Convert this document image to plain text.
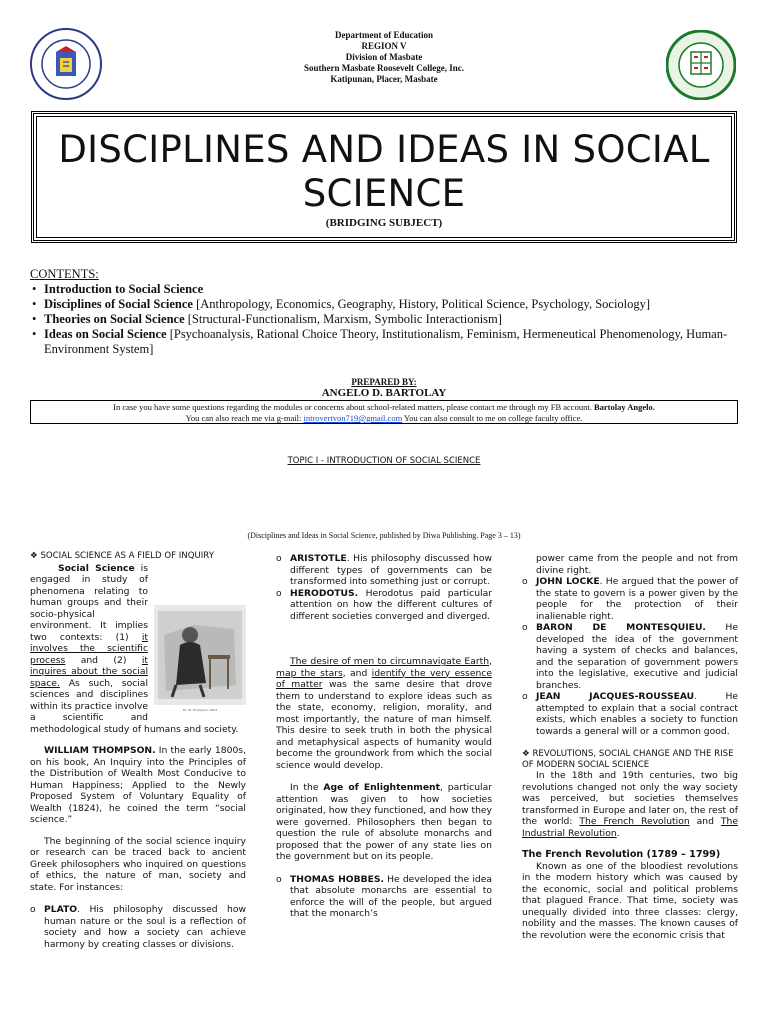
Department of Education
REGION V
Division of Masbate
Southern Masbate Roosevelt College, Inc.
Katipunan, Placer, Masbate
DISCIPLINES AND IDEAS IN SOCIAL
SCIENCE
(BRIDGING SUBJECT)
CONTENTS:
• Introduction to Social Science
• Disciplines of Social Science [Anthropology, Economics, Geography, History, Political Science, Psychology, Sociology]
• Theories on Social Science [Structural-Functionalism, Marxism, Symbolic Interactionism]
• Ideas on Social Science [Psychoanalysis, Rational Choice Theory, Institutionalism, Feminism, Hermeneutical Phenomenology, Human-Environment System]
PREPARED BY:
ANGELO D. BARTOLAY
In case you have some questions regarding the modules or concerns about school-related matters, please contact me through my FB account. Bartolay Angelo.
You can also reach me via g-mail: introvertvon719@gmail.com You can also consult to me on college faculty office.
TOPIC I - INTRODUCTION OF SOCIAL SCIENCE
(Disciplines and Ideas in Social Science, published by Diwa Publishing. Page 3 – 13)

❖ SOCIAL SCIENCE AS A FIELD OF INQUIRY

Dr. W. Thompson 1824

Social Science is engaged in study of phenomena relating to human groups and their socio-physical environment. It implies two contexts: (1) it involves the scientific process and (2) it inquires about the social space. As such, social sciences and disciplines within its practice involve a scientific and methodological study of humans and society.

WILLIAM THOMPSON. In the early 1800s, on his book, An Inquiry into the Principles of the Distribution of Wealth Most Conducive to Human Happiness; Applied to the Newly Proposed System of Voluntary Equality of Wealth (1824), he coined the term “social science.”

The beginning of the social science inquiry or research can be traced back to ancient Greek philosophers who inquired on questions of ethics, the nature of man, society and state. For instances:

o PLATO. His philosophy discussed how human nature or the soul is a reflection of society and how a society can achieve harmony by creating classes or divisions.
o ARISTOTLE. His philosophy discussed how different types of governments can be transformed into something just or corrupt.
o HERODOTUS. Herodotus paid particular attention on how the different cultures of different societies converged and diverged.

The desire of men to circumnavigate Earth, map the stars, and identify the very essence of matter was the same desire that drove them to understand to explore ideas such as the state, economy, religion, morality, and most importantly, the nature of man himself. This desire to seek truth in both the physical and metaphysical aspects of humanity would become the groundwork from which the social science would develop.

In the Age of Enlightenment, particular attention was given to how societies originated, how they functioned, and how they were governed. Philosophers then began to question the rule of absolute monarchs and proposed that the power of any state lies on the government but on its people.

o THOMAS HOBBES. He developed the idea that absolute monarchs are essential to enforce the will of the people, but argued that the monarch’s

power came from the people and not from divine right.

o JOHN LOCKE. He argued that the power of the state to govern is a power given by the people for the protection of their inalienable right.
o BARON DE MONTESQUIEU. He developed the idea of the government having a system of checks and balances, and the separation of government powers into the legislative, executive and judicial branches.
o JEAN JACQUES-ROUSSEAU. He attempted to explain that a social contract exists, which enables a society to function towards a general will or a common good.

❖ REVOLUTIONS, SOCIAL CHANGE AND THE RISE OF MODERN SOCIAL SCIENCE

In the 18th and 19th centuries, two big revolutions changed not only the way society was perceived, but societies themselves transformed in Europe and later on, the rest of the world: The French Revolution and The Industrial Revolution.

The French Revolution (1789 – 1799)

Known as one of the bloodiest revolutions in the modern history which was caused by the economic, social and political problems that plagued France. That time, society was unequally divided into three classes: clergy, nobility and the masses. The known causes of the revolution were the economic crisis that
